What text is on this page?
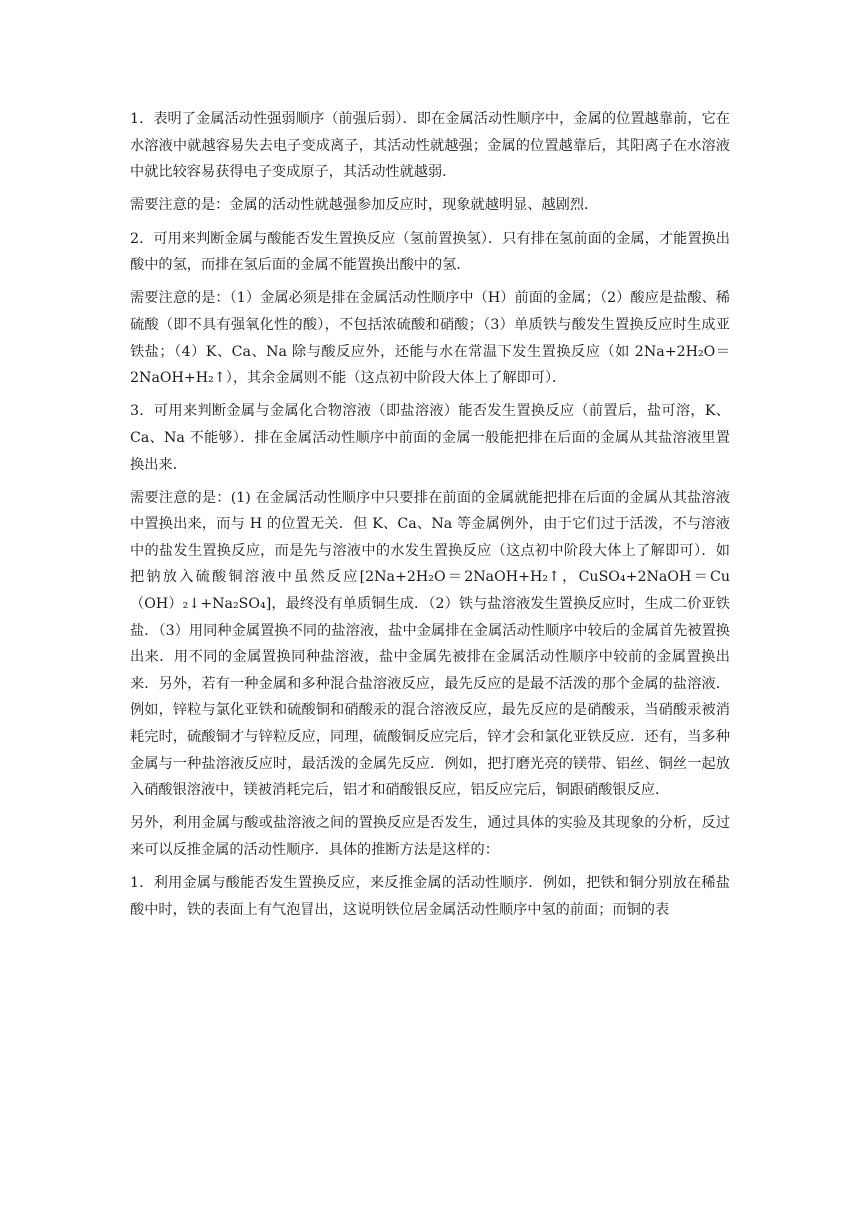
1．表明了金属活动性强弱顺序（前强后弱）．即在金属活动性顺序中，金属的位置越靠前，它在水溶液中就越容易失去电子变成离子，其活动性就越强；金属的位置越靠后，其阳离子在水溶液中就比较容易获得电子变成原子，其活动性就越弱．

需要注意的是：金属的活动性就越强参加反应时，现象就越明显、越剧烈．

2．可用来判断金属与酸能否发生置换反应（氢前置换氢）．只有排在氢前面的金属，才能置换出酸中的氢，而排在氢后面的金属不能置换出酸中的氢．

需要注意的是：（1）金属必须是排在金属活动性顺序中（H）前面的金属；（2）酸应是盐酸、稀硫酸（即不具有强氧化性的酸），不包括浓硫酸和硝酸；（3）单质铁与酸发生置换反应时生成亚铁盐；（4）K、Ca、Na 除与酸反应外，还能与水在常温下发生置换反应（如 2Na+2H₂O＝2NaOH+H₂↑），其余金属则不能（这点初中阶段大体上了解即可）．

3．可用来判断金属与金属化合物溶液（即盐溶液）能否发生置换反应（前置后，盐可溶，K、Ca、Na 不能够）．排在金属活动性顺序中前面的金属一般能把排在后面的金属从其盐溶液里置换出来．

需要注意的是：(1) 在金属活动性顺序中只要排在前面的金属就能把排在后面的金属从其盐溶液中置换出来，而与 H 的位置无关．但 K、Ca、Na 等金属例外，由于它们过于活泼，不与溶液中的盐发生置换反应，而是先与溶液中的水发生置换反应（这点初中阶段大体上了解即可）．如把钠放入硫酸铜溶液中虽然反应[2Na+2H₂O＝2NaOH+H₂↑，CuSO₄+2NaOH＝Cu（OH）₂↓+Na₂SO₄]，最终没有单质铜生成．（2）铁与盐溶液发生置换反应时，生成二价亚铁盐．（3）用同种金属置换不同的盐溶液，盐中金属排在金属活动性顺序中较后的金属首先被置换出来．用不同的金属置换同种盐溶液，盐中金属先被排在金属活动性顺序中较前的金属置换出来．另外，若有一种金属和多种混合盐溶液反应，最先反应的是最不活泼的那个金属的盐溶液．例如，锌粒与氯化亚铁和硫酸铜和硝酸汞的混合溶液反应，最先反应的是硝酸汞，当硝酸汞被消耗完时，硫酸铜才与锌粒反应，同理，硫酸铜反应完后，锌才会和氯化亚铁反应．还有，当多种金属与一种盐溶液反应时，最活泼的金属先反应．例如，把打磨光亮的镁带、铝丝、铜丝一起放入硝酸银溶液中，镁被消耗完后，铝才和硝酸银反应，铝反应完后，铜跟硝酸银反应．

另外，利用金属与酸或盐溶液之间的置换反应是否发生，通过具体的实验及其现象的分析，反过来可以反推金属的活动性顺序．具体的推断方法是这样的：

1．利用金属与酸能否发生置换反应，来反推金属的活动性顺序．例如，把铁和铜分别放在稀盐酸中时，铁的表面上有气泡冒出，这说明铁位居金属活动性顺序中氢的前面；而铜的表
